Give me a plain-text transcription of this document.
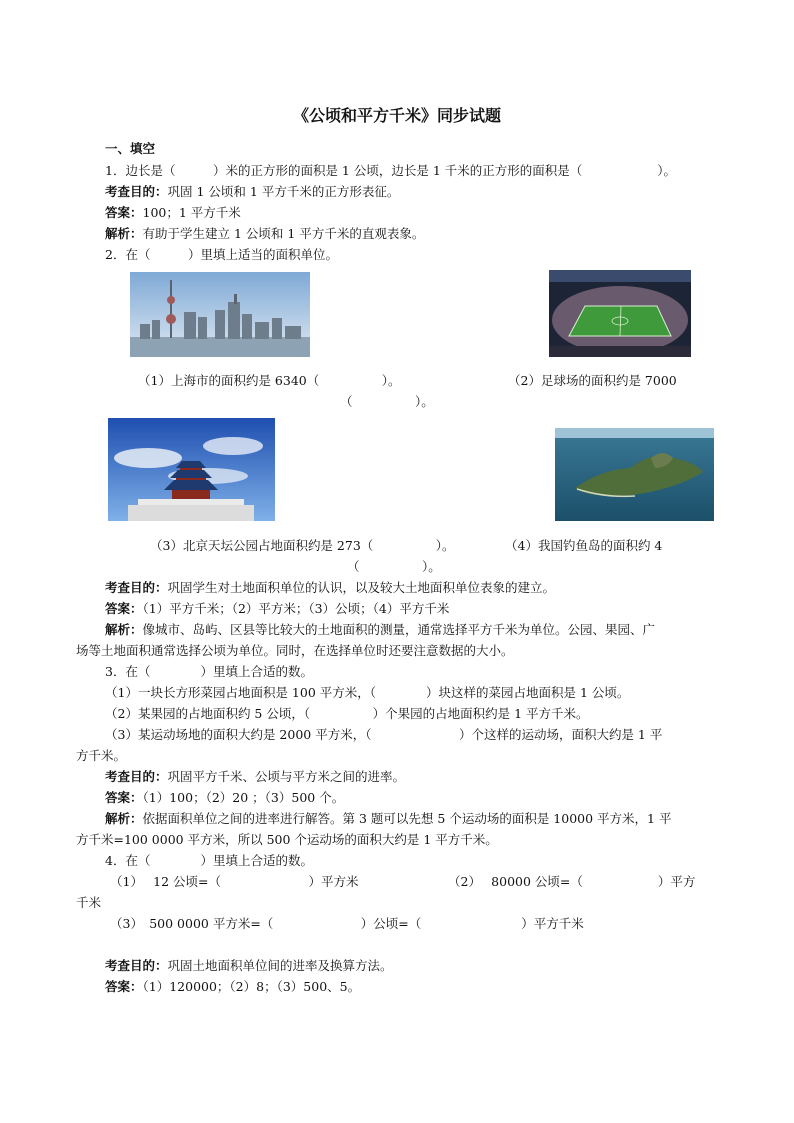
《公顷和平方千米》同步试题
一、填空
1．边长是（　　　）米的正方形的面积是 1 公顷，边长是 1 千米的正方形的面积是（　　　　　　）。
考查目的：巩固 1 公顷和 1 平方千米的正方形表征。
答案：100；1 平方千米
解析：有助于学生建立 1 公顷和 1 平方千米的直观表象。
2．在（　　　）里填上适当的面积单位。
（1）上海市的面积约是 6340（　　　　　）。	（2）足球场的面积约是 7000
（　　　　　）。
（3）北京天坛公园占地面积约是 273（　　　　　）。	（4）我国钓鱼岛的面积约 4
（　　　　　）。
考查目的：巩固学生对土地面积单位的认识，以及较大土地面积单位表象的建立。
答案：（1）平方千米；（2）平方米；（3）公顷；（4）平方千米
解析：像城市、岛屿、区县等比较大的土地面积的测量，通常选择平方千米为单位。公园、果园、广
场等土地面积通常选择公顷为单位。同时，在选择单位时还要注意数据的大小。
3．在（　　　　）里填上合适的数。
（1）一块长方形菜园占地面积是 100 平方米，（　　　　）块这样的菜园占地面积是 1 公顷。
（2）某果园的占地面积约 5 公顷，（　　　　　）个果园的占地面积约是 1 平方千米。
（3）某运动场地的面积大约是 2000 平方米，（　　　　　　　）个这样的运动场，面积大约是 1 平
方千米。
考查目的：巩固平方千米、公顷与平方米之间的进率。
答案：（1）100；（2）20 ；（3）500 个。
解析：依据面积单位之间的进率进行解答。第 3 题可以先想 5 个运动场的面积是 10000 平方米，1 平
方千米=100 0000 平方米，所以 500 个运动场的面积大约是 1 平方千米。
4．在（　　　　）里填上合适的数。
（1）　 12 公顷=（　　　　　　　）平方米	（2）　 80000 公顷=（　　　　　　）平方
千米
（3）　500 0000 平方米=（　　　　　　　）公顷=（　　　　　　　　）平方千米
考查目的：巩固土地面积单位间的进率及换算方法。
答案：（1）120000；（2）8；（3）500、5。
